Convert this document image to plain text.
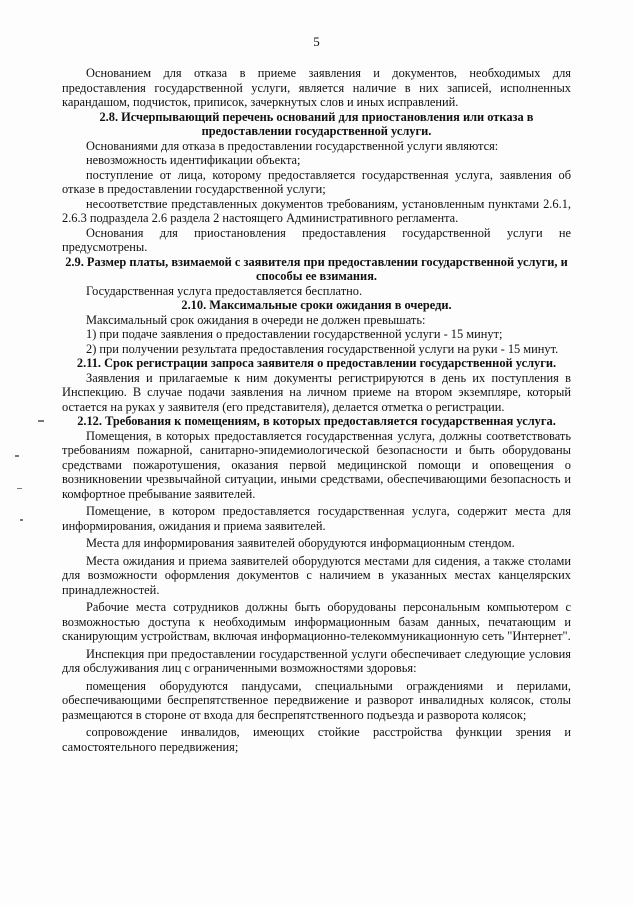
5

Основанием для отказа в приеме заявления и документов, необходимых для предоставления государственной услуги, является наличие в них записей, исполненных карандашом, подчисток, приписок, зачеркнутых слов и иных исправлений.

2.8. Исчерпывающий перечень оснований для приостановления или отказа в предоставлении государственной услуги.

Основаниями для отказа в предоставлении государственной услуги являются:

невозможность идентификации объекта;

поступление от лица, которому предоставляется государственная услуга, заявления об отказе в предоставлении государственной услуги;

несоответствие представленных документов требованиям, установленным пунктами 2.6.1, 2.6.3 подраздела 2.6 раздела 2 настоящего Административного регламента.

Основания для приостановления предоставления государственной услуги не предусмотрены.

2.9. Размер платы, взимаемой с заявителя при предоставлении государственной услуги, и способы ее взимания.

Государственная услуга предоставляется бесплатно.

2.10. Максимальные сроки ожидания в очереди.

Максимальный срок ожидания в очереди не должен превышать:

1) при подаче заявления о предоставлении государственной услуги - 15 минут;

2) при получении результата предоставления государственной услуги на руки - 15 минут.

2.11. Срок регистрации запроса заявителя о предоставлении государственной услуги.

Заявления и прилагаемые к ним документы регистрируются в день их поступления в Инспекцию. В случае подачи заявления на личном приеме на втором экземпляре, который остается на руках у заявителя (его представителя), делается отметка о регистрации.

2.12. Требования к помещениям, в которых предоставляется государственная услуга.

Помещения, в которых предоставляется государственная услуга, должны соответствовать требованиям пожарной, санитарно-эпидемиологической безопасности и быть оборудованы средствами пожаротушения, оказания первой медицинской помощи и оповещения о возникновении чрезвычайной ситуации, иными средствами, обеспечивающими безопасность и комфортное пребывание заявителей.

Помещение, в котором предоставляется государственная услуга, содержит места для информирования, ожидания и приема заявителей.

Места для информирования заявителей оборудуются информационным стендом.

Места ожидания и приема заявителей оборудуются местами для сидения, а также столами для возможности оформления документов с наличием в указанных местах канцелярских принадлежностей.

Рабочие места сотрудников должны быть оборудованы персональным компьютером с возможностью доступа к необходимым информационным базам данных, печатающим и сканирующим устройствам, включая информационно-телекоммуникационную сеть "Интернет".

Инспекция при предоставлении государственной услуги обеспечивает следующие условия для обслуживания лиц с ограниченными возможностями здоровья:

помещения оборудуются пандусами, специальными ограждениями и перилами, обеспечивающими беспрепятственное передвижение и разворот инвалидных колясок, столы размещаются в стороне от входа для беспрепятственного подъезда и разворота колясок;

сопровождение инвалидов, имеющих стойкие расстройства функции зрения и самостоятельного передвижения;
